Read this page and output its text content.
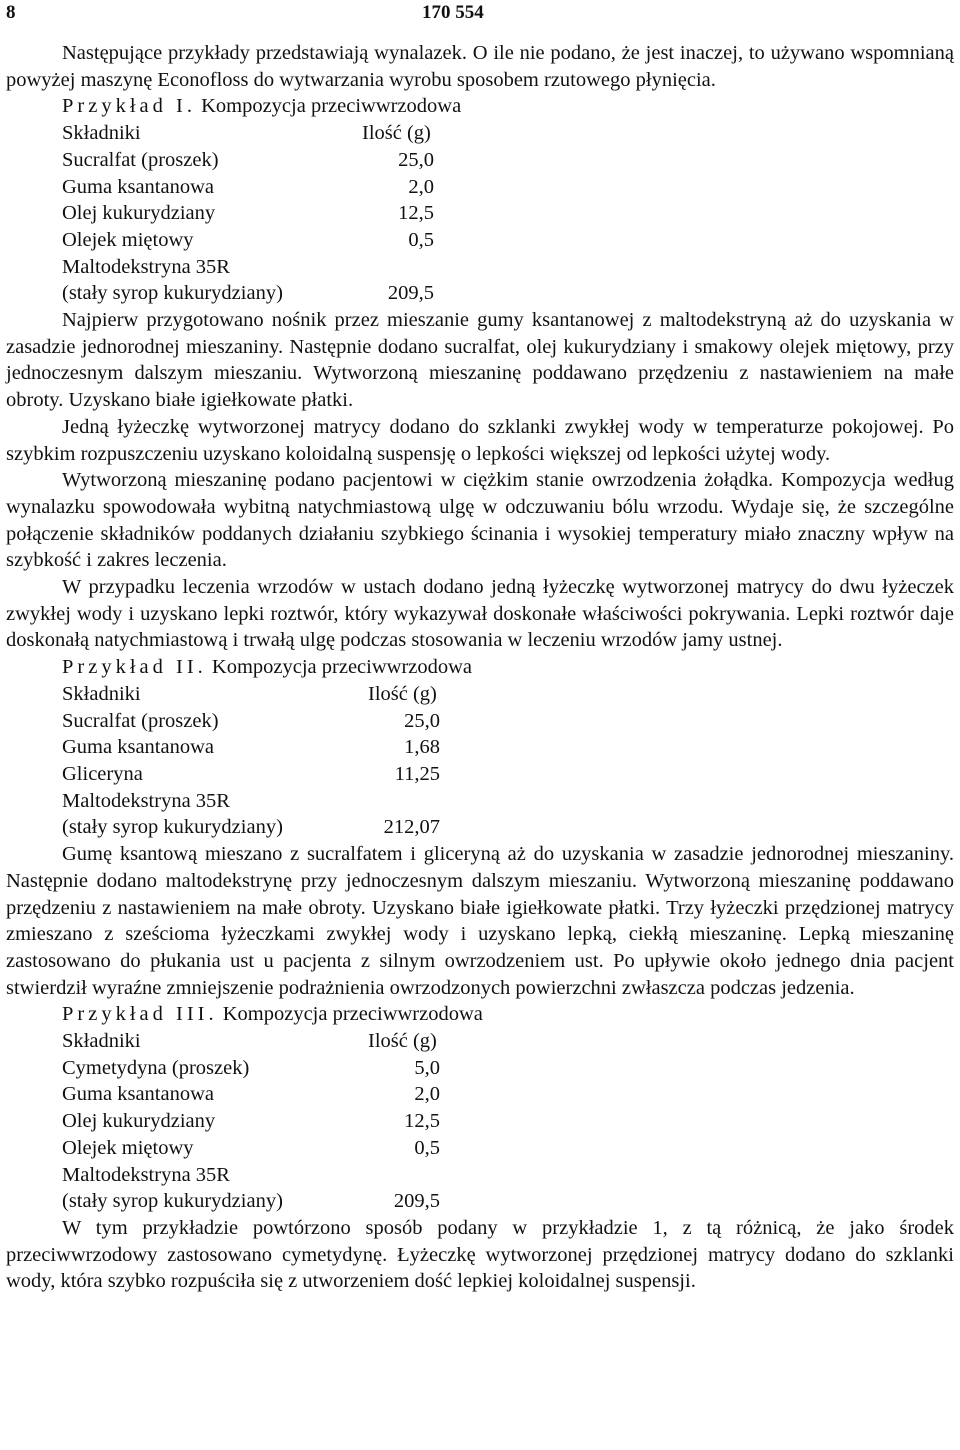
8	170 554

Następujące przykłady przedstawiają wynalazek. O ile nie podano, że jest inaczej, to używano wspomnianą powyżej maszynę Econofloss do wytwarzania wyrobu sposobem rzutowego płynięcia.

Przykład I. Kompozycja przeciwwrzodowa
Składniki	Ilość (g)
Sucralfat (proszek)	25,0
Guma ksantanowa	2,0
Olej kukurydziany	12,5
Olejek miętowy	0,5
Maltodekstryna 35R	
(stały syrop kukurydziany)	209,5

Najpierw przygotowano nośnik przez mieszanie gumy ksantanowej z maltodekstryną aż do uzyskania w zasadzie jednorodnej mieszaniny. Następnie dodano sucralfat, olej kukurydziany i smakowy olejek miętowy, przy jednoczesnym dalszym mieszaniu. Wytworzoną mieszaninę poddawano przędzeniu z nastawieniem na małe obroty. Uzyskano białe igiełkowate płatki.

Jedną łyżeczkę wytworzonej matrycy dodano do szklanki zwykłej wody w temperaturze pokojowej. Po szybkim rozpuszczeniu uzyskano koloidalną suspensję o lepkości większej od lepkości użytej wody.

Wytworzoną mieszaninę podano pacjentowi w ciężkim stanie owrzodzenia żołądka. Kompozycja według wynalazku spowodowała wybitną natychmiastową ulgę w odczuwaniu bólu wrzodu. Wydaje się, że szczególne połączenie składników poddanych działaniu szybkiego ścinania i wysokiej temperatury miało znaczny wpływ na szybkość i zakres leczenia.

W przypadku leczenia wrzodów w ustach dodano jedną łyżeczkę wytworzonej matrycy do dwu łyżeczek zwykłej wody i uzyskano lepki roztwór, który wykazywał doskonałe właściwości pokrywania. Lepki roztwór daje doskonałą natychmiastową i trwałą ulgę podczas stosowania w leczeniu wrzodów jamy ustnej.

Przykład II. Kompozycja przeciwwrzodowa
Składniki	Ilość (g)
Sucralfat (proszek)	25,0
Guma ksantanowa	1,68
Gliceryna	11,25
Maltodekstryna 35R	
(stały syrop kukurydziany)	212,07

Gumę ksantową mieszano z sucralfatem i gliceryną aż do uzyskania w zasadzie jednorodnej mieszaniny. Następnie dodano maltodekstrynę przy jednoczesnym dalszym mieszaniu. Wytworzoną mieszaninę poddawano przędzeniu z nastawieniem na małe obroty. Uzyskano białe igiełkowate płatki. Trzy łyżeczki przędzionej matrycy zmieszano z sześcioma łyżeczkami zwykłej wody i uzyskano lepką, ciekłą mieszaninę. Lepką mieszaninę zastosowano do płukania ust u pacjenta z silnym owrzodzeniem ust. Po upływie około jednego dnia pacjent stwierdził wyraźne zmniejszenie podrażnienia owrzodzonych powierzchni zwłaszcza podczas jedzenia.

Przykład III. Kompozycja przeciwwrzodowa
Składniki	Ilość (g)
Cymetydyna (proszek)	5,0
Guma ksantanowa	2,0
Olej kukurydziany	12,5
Olejek miętowy	0,5
Maltodekstryna 35R	
(stały syrop kukurydziany)	209,5

W tym przykładzie powtórzono sposób podany w przykładzie 1, z tą różnicą, że jako środek przeciwwrzodowy zastosowano cymetydynę. Łyżeczkę wytworzonej przędzionej matrycy dodano do szklanki wody, która szybko rozpuściła się z utworzeniem dość lepkiej koloidalnej suspensji.
